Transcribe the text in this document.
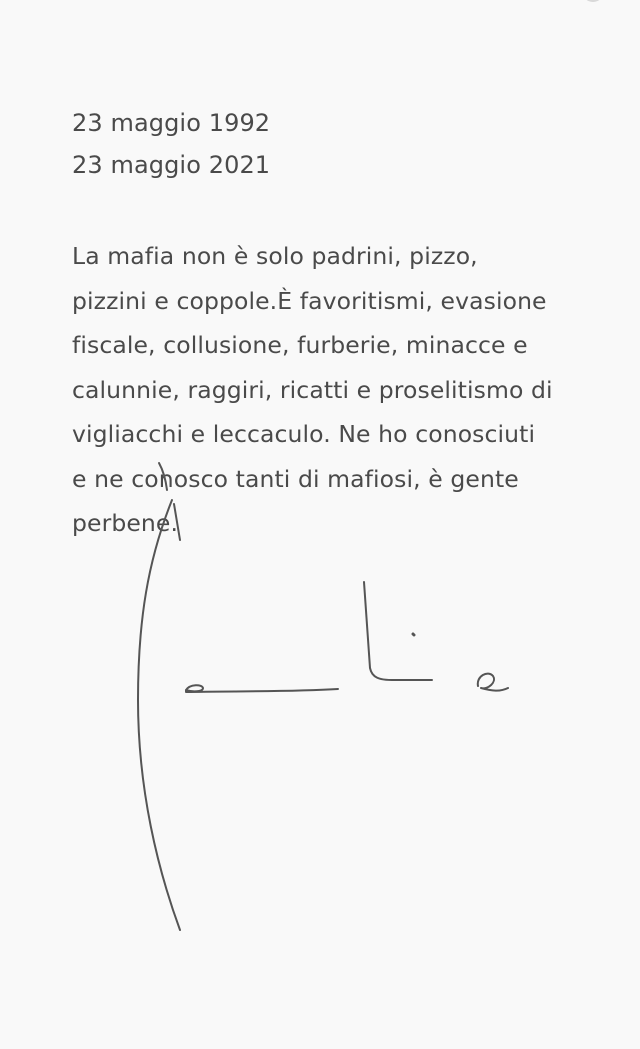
23 maggio 1992
23 maggio 2021
La mafia non è solo padrini, pizzo,
pizzini e coppole.È favoritismi, evasione
fiscale, collusione, furberie, minacce e
calunnie, raggiri, ricatti e proselitismo di
vigliacchi e leccaculo. Ne ho conosciuti
e ne conosco tanti di mafiosi, è gente
perbene.
